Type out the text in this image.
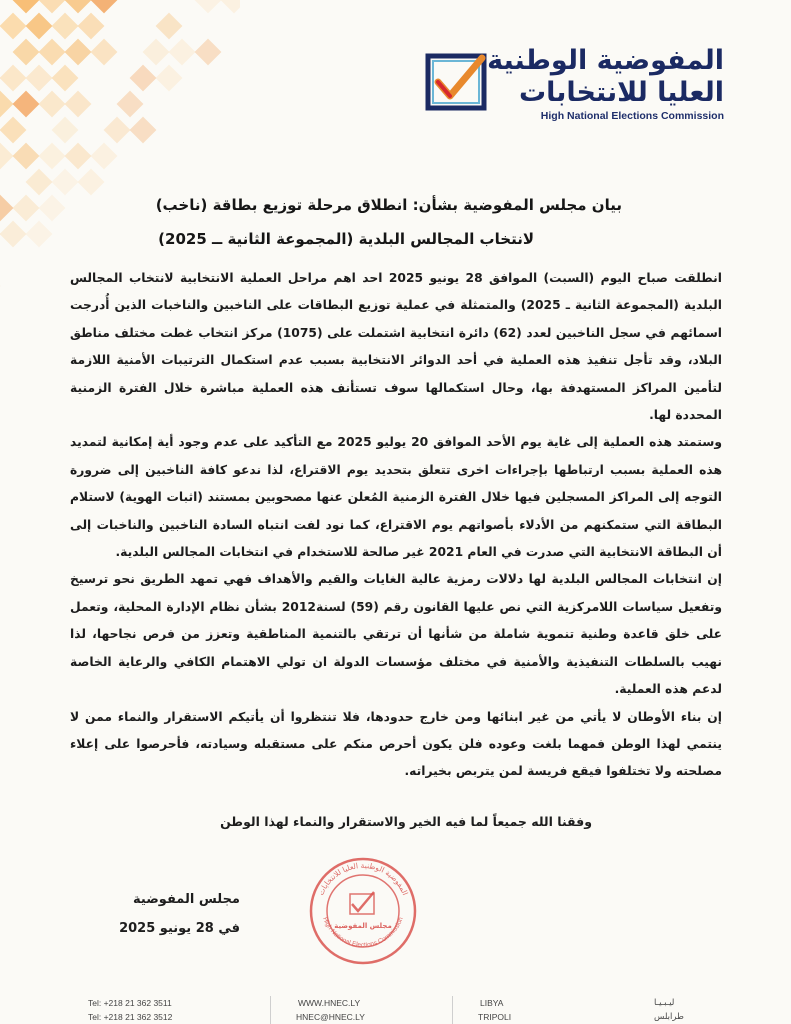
المفوضية الوطنية
العليا للانتخابات
High National Elections Commission
بيان مجلس المفوضية بشأن: انطلاق مرحلة توزيع بطاقة (ناخب)
لانتخاب المجالس البلدية (المجموعة الثانية ــ 2025)

انطلقت صباح اليوم (السبت) الموافق 28 يونيو 2025 احد اهم مراحل العملية الانتخابية لانتخاب المجالس البلدية (المجموعة الثانية ـ 2025) والمتمثلة في عملية توزيع البطاقات على الناخبين والناخبات الذين أُدرجت اسمائهم في سجل الناخبين لعدد (62) دائرة انتخابية اشتملت على (1075) مركز انتخاب غطت مختلف مناطق البلاد، وقد تأجل تنفيذ هذه العملية في أحد الدوائر الانتخابية بسبب عدم استكمال الترتيبات الأمنية اللازمة لتأمين المراكز المستهدفة بها، وحال استكمالها سوف تستأنف هذه العملية مباشرة خلال الفترة الزمنية المحددة لها.

وستمتد هذه العملية إلى غاية يوم الأحد الموافق 20 يوليو 2025 مع التأكيد على عدم وجود أية إمكانية لتمديد هذه العملية بسبب ارتباطها بإجراءات اخرى تتعلق بتحديد يوم الاقتراع، لذا ندعو كافة الناخبين إلى ضرورة التوجه إلى المراكز المسجلين فيها خلال الفترة الزمنية المُعلن عنها مصحوبين بمستند (اثبات الهوية) لاستلام البطاقة التي ستمكنهم من الأدلاء بأصواتهم يوم الاقتراع، كما نود لفت انتباه السادة الناخبين والناخبات إلى أن البطاقة الانتخابية التي صدرت في العام 2021 غير صالحة للاستخدام في انتخابات المجالس البلدية.

إن انتخابات المجالس البلدية لها دلالات رمزية عالية الغايات والقيم والأهداف فهي تمهد الطريق نحو ترسيخ وتفعيل سياسات اللامركزية التي نص عليها القانون رقم (59) لسنة2012 بشأن نظام الإدارة المحلية، وتعمل على خلق قاعدة وطنية تنموية شاملة من شأنها أن ترتقي بالتنمية المناطقية وتعزز من فرص نجاحها، لذا نهيب بالسلطات التنفيذية والأمنية في مختلف مؤسسات الدولة ان تولي الاهتمام الكافي والرعاية الخاصة لدعم هذه العملية.

إن بناء الأوطان لا يأتي من غير ابنائها ومن خارج حدودها، فلا تنتظروا أن يأتيكم الاستقرار والنماء ممن لا ينتمي لهذا الوطن فمهما بلغت وعوده فلن يكون أحرص منكم على مستقبله وسيادته، فأحرصوا على إعلاء مصلحته ولا تختلفوا فيقع فريسة لمن يتربص بخيراته.

وفقنا الله جميعاً لما فيه الخير والاستقرار والنماء لهذا الوطن
مجلس المفوضية
في 28 يونيو 2025
المفوضية الوطنية العليا للانتخابات
High National Elections Commission
مجلس المفوضية
Tel: +218 21 362 3511
Tel: +218 21 362 3512
WWW.HNEC.LY
HNEC@HNEC.LY
LIBYA
TRIPOLI
ليـبـيـا
طرابلس
